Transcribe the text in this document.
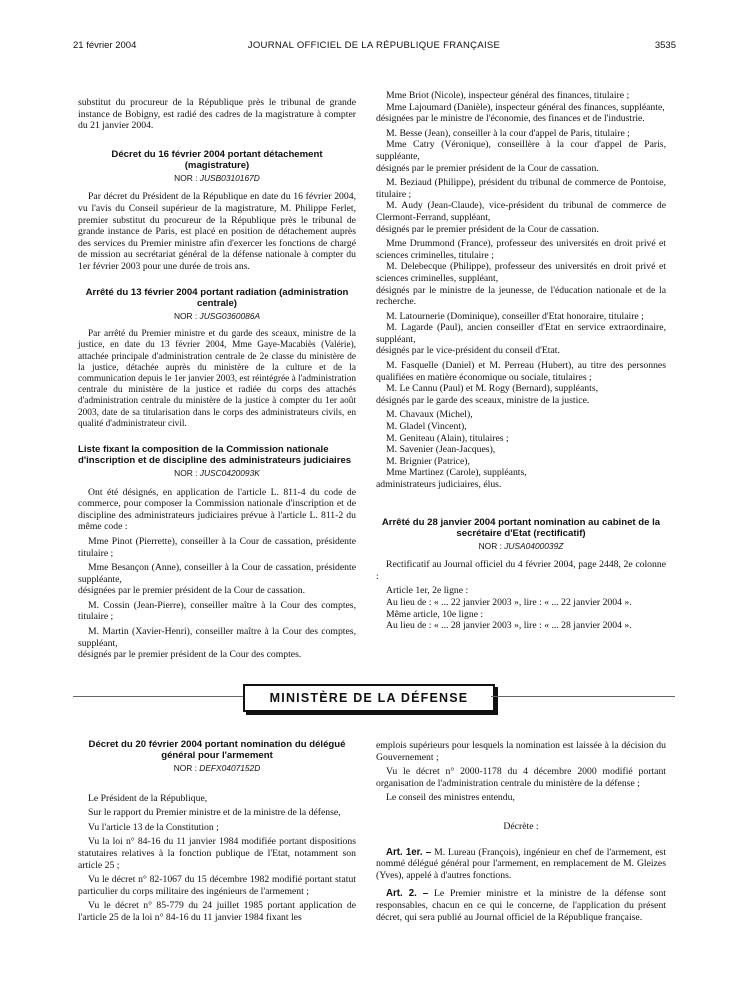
21 février 2004	JOURNAL OFFICIEL DE LA RÉPUBLIQUE FRANÇAISE	3535

substitut du procureur de la République près le tribunal de grande instance de Bobigny, est radié des cadres de la magistrature à compter du 21 janvier 2004.

Décret du 16 février 2004 portant détachement (magistrature)
NOR : JUSB0310167D

Par décret du Président de la République en date du 16 février 2004, vu l'avis du Conseil supérieur de la magistrature, M. Philippe Ferlet, premier substitut du procureur de la République près le tribunal de grande instance de Paris, est placé en position de détachement auprès des services du Premier ministre afin d'exercer les fonctions de chargé de mission au secrétariat général de la défense nationale à compter du 1er février 2003 pour une durée de trois ans.

Arrêté du 13 février 2004 portant radiation (administration centrale)
NOR : JUSG0360086A

Par arrêté du Premier ministre et du garde des sceaux, ministre de la justice, en date du 13 février 2004, Mme Gaye-Macabiès (Valérie), attachée principale d'administration centrale de 2e classe du ministère de la justice, détachée auprès du ministère de la culture et de la communication depuis le 1er janvier 2003, est réintégrée à l'administration centrale du ministère de la justice et radiée du corps des attachés d'administration centrale du ministère de la justice à compter du 1er août 2003, date de sa titularisation dans le corps des administrateurs civils, en qualité d'administrateur civil.

Liste fixant la composition de la Commission nationale d'inscription et de discipline des administrateurs judiciaires
NOR : JUSC0420093K

Ont été désignés, en application de l'article L. 811-4 du code de commerce, pour composer la Commission nationale d'inscription et de discipline des administrateurs judiciaires prévue à l'article L. 811-2 du même code :

Mme Pinot (Pierrette), conseiller à la Cour de cassation, présidente titulaire ;

Mme Besançon (Anne), conseiller à la Cour de cassation, présidente suppléante,

désignées par le premier président de la Cour de cassation.

M. Cossin (Jean-Pierre), conseiller maître à la Cour des comptes, titulaire ;

M. Martin (Xavier-Henri), conseiller maître à la Cour des comptes, suppléant,

désignés par le premier président de la Cour des comptes.

Mme Briot (Nicole), inspecteur général des finances, titulaire ;

Mme Lajoumard (Danièle), inspecteur général des finances, suppléante,

désignées par le ministre de l'économie, des finances et de l'industrie.

M. Besse (Jean), conseiller à la cour d'appel de Paris, titulaire ;

Mme Catry (Véronique), conseillère à la cour d'appel de Paris, suppléante,

désignés par le premier président de la Cour de cassation.

M. Beziaud (Philippe), président du tribunal de commerce de Pontoise, titulaire ;

M. Audy (Jean-Claude), vice-président du tribunal de commerce de Clermont-Ferrand, suppléant,

désignés par le premier président de la Cour de cassation.

Mme Drummond (France), professeur des universités en droit privé et sciences criminelles, titulaire ;

M. Delebecque (Philippe), professeur des universités en droit privé et sciences criminelles, suppléant,

désignés par le ministre de la jeunesse, de l'éducation nationale et de la recherche.

M. Latournerie (Dominique), conseiller d'Etat honoraire, titulaire ;

M. Lagarde (Paul), ancien conseiller d'Etat en service extraordinaire, suppléant,

désignés par le vice-président du conseil d'Etat.

M. Fasquelle (Daniel) et M. Perreau (Hubert), au titre des personnes qualifiées en matière économique ou sociale, titulaires ;

M. Le Cannu (Paul) et M. Rogy (Bernard), suppléants,

désignés par le garde des sceaux, ministre de la justice.

M. Chavaux (Michel),

M. Gladel (Vincent),

M. Geniteau (Alain), titulaires ;

M. Savenier (Jean-Jacques),

M. Brignier (Patrice),

Mme Martinez (Carole), suppléants,

administrateurs judiciaires, élus.

Arrêté du 28 janvier 2004 portant nomination au cabinet de la secrétaire d'Etat (rectificatif)
NOR : JUSA0400039Z

Rectificatif au Journal officiel du 4 février 2004, page 2448, 2e colonne :

Article 1er, 2e ligne :

Au lieu de : « ... 22 janvier 2003 », lire : « ... 22 janvier 2004 ».

Même article, 10e ligne :

Au lieu de : « ... 28 janvier 2003 », lire : « ... 28 janvier 2004 ».

MINISTÈRE DE LA DÉFENSE
Décret du 20 février 2004 portant nomination du délégué général pour l'armement
NOR : DEFX0407152D

Le Président de la République,

Sur le rapport du Premier ministre et de la ministre de la défense,

Vu l'article 13 de la Constitution ;

Vu la loi n° 84-16 du 11 janvier 1984 modifiée portant dispositions statutaires relatives à la fonction publique de l'Etat, notamment son article 25 ;

Vu le décret n° 82-1067 du 15 décembre 1982 modifié portant statut particulier du corps militaire des ingénieurs de l'armement ;

Vu le décret n° 85-779 du 24 juillet 1985 portant application de l'article 25 de la loi n° 84-16 du 11 janvier 1984 fixant les

emplois supérieurs pour lesquels la nomination est laissée à la décision du Gouvernement ;

Vu le décret n° 2000-1178 du 4 décembre 2000 modifié portant organisation de l'administration centrale du ministère de la défense ;

Le conseil des ministres entendu,

Décrète :

Art. 1er. – M. Lureau (François), ingénieur en chef de l'armement, est nommé délégué général pour l'armement, en remplacement de M. Gleizes (Yves), appelé à d'autres fonctions.

Art. 2. – Le Premier ministre et la ministre de la défense sont responsables, chacun en ce qui le concerne, de l'application du présent décret, qui sera publié au Journal officiel de la République française.
